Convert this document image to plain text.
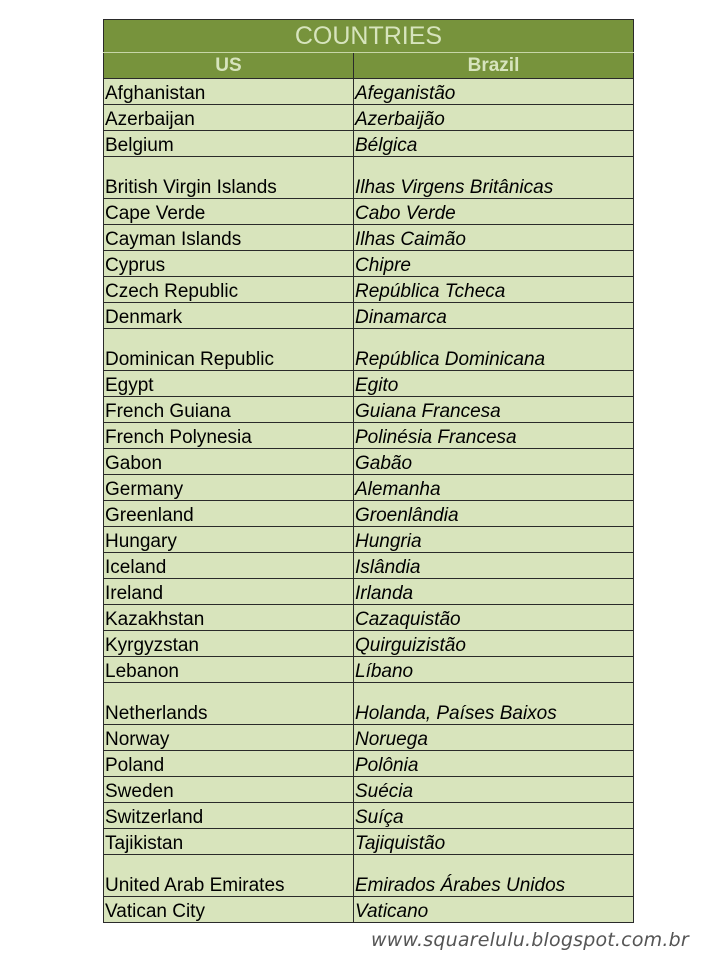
COUNTRIES	
US	Brazil
Afghanistan	Afeganistão
Azerbaijan	Azerbaijão
Belgium	Bélgica
British Virgin Islands	Ilhas Virgens Britânicas
Cape Verde	Cabo Verde
Cayman Islands	Ilhas Caimão
Cyprus	Chipre
Czech Republic	República Tcheca
Denmark	Dinamarca
Dominican Republic	República Dominicana
Egypt	Egito
French Guiana	Guiana Francesa
French Polynesia	Polinésia Francesa
Gabon	Gabão
Germany	Alemanha
Greenland	Groenlândia
Hungary	Hungria
Iceland	Islândia
Ireland	Irlanda
Kazakhstan	Cazaquistão
Kyrgyzstan	Quirguizistão
Lebanon	Líbano
Netherlands	Holanda, Países Baixos
Norway	Noruega
Poland	Polônia
Sweden	Suécia
Switzerland	Suíça
Tajikistan	Tajiquistão
United Arab Emirates	Emirados Árabes Unidos
Vatican City	Vaticano
www.squarelulu.blogspot.com.br
